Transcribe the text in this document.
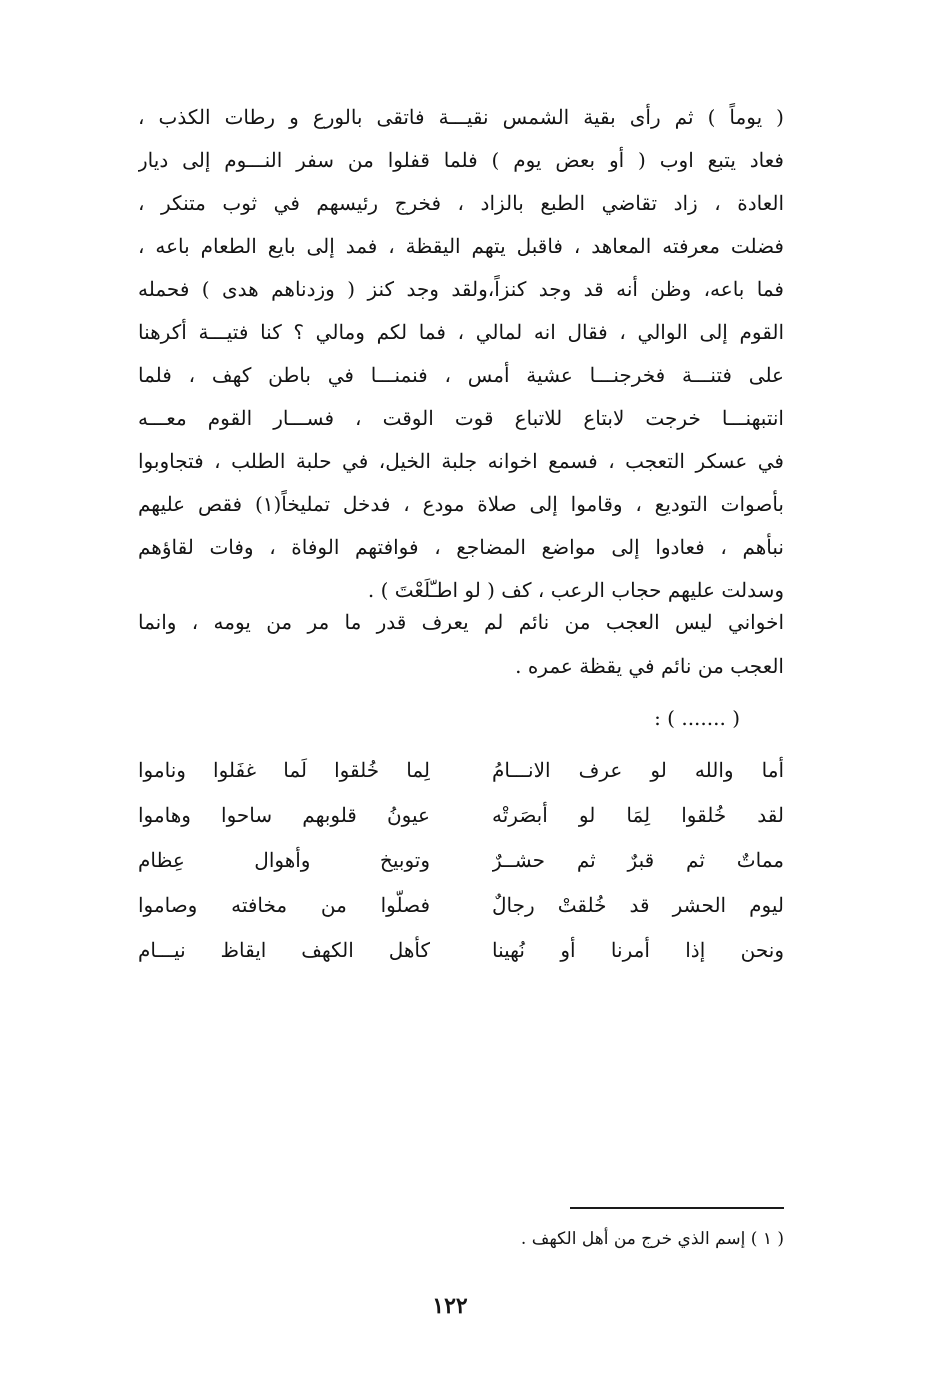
( يوماً ) ثم رأى بقية الشمس نقيـــة فاتقى بالورع و رطات الكذب ،
فعاد يتبع اوب ( أو بعض يوم ) فلما قفلوا من سفر النـــوم إلى ديار
العادة ، زاد تقاضي الطبع بالزاد ، فخرج رئيسهم في ثوب متنكر ،
فضلت معرفته المعاهد ، فاقبل يتهم اليقظة ، فمد إلى بايع الطعام باعه ،
فما باعه، وظن أنه قد وجد كنزاً،ولقد وجد كنز ( وزدناهم هدى ) فحمله
القوم إلى الوالي ، فقال انه لمالي ، فما لكم ومالي ؟ كنا فتيـــة أكرهنا
على فتنـــة فخرجنـــا عشية أمس ، فنمنـــا في باطن كهف ، فلما
انتبهنـــا خرجت لابتاع للاتباع قوت الوقت ، فســـار القوم معـــه
في عسكر التعجب ، فسمع اخوانه جلبة الخيل، في حلبة الطلب ، فتجاوبوا
بأصوات التوديع ، وقاموا إلى صلاة مودع ، فدخل تمليخاً(١) فقص عليهم
نبأهم ، فعادوا إلى مواضع المضاجع ، فوافتهم الوفاة ، وفات لقاؤهم
وسدلت عليهم حجاب الرعب ، كف ( لو اطـّلَعْتَ ) .
اخواني ليس العجب من نائم لم يعرف قدر ما مر من يومه ، وانما
العجب من نائم في يقظة عمره .
( ....... ) :
أما والله لو عرف الانـــامُ
لِما خُلقوا لَما غفَلوا وناموا
لقد خُلقوا لِمَا لو أبصَرتْه
عيونُ قلوبهم ساحوا وهاموا
مماتٌ ثم قبرٌ ثم حشــرٌ
وتوبيخ وأهوال عِظام
ليوم الحشر قد خُلقتْ رجالٌ
فصلّوا من مخافته وصاموا
ونحن إذا أمرنا أو نُهينا
كأهل الكهف ايقاظ نيـــام
( ١ ) إسم الذي خرج من أهل الكهف .
١٢٢
